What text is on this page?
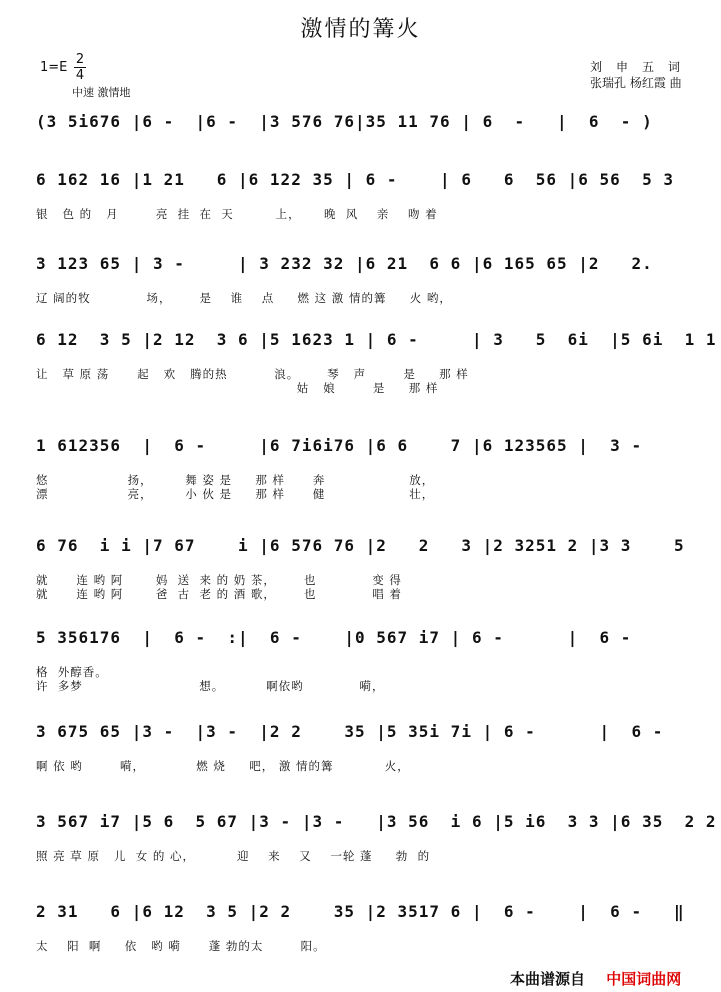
激情的篝火
1=E
2
4
中速 激情地
刘申五词
张瑞孔 杨红霞 曲
(3 5i676 |6 -  |6 -  |3 576 76|35 11 76 | 6  -   |  6  - )
6 162 16 |1 21   6 |6 122 35 | 6 -    | 6   6  56 |6 56  5 3
银   色 的   月        亮  挂  在  天         上，     晚  风    亲    吻 着
3 123 65 | 3 -     | 3 232 32 |6 21  6 6 |6 165 65 |2   2.
辽 阔的牧            场，      是    谁    点     燃 这 激 情的篝     火 哟，
6 12  3 5 |2 12  3 6 |5 1623 1 | 6 -     | 3   5  6i  |5 6i  1 1
让   草 原 荡      起   欢   腾的热          浪。      琴   声        是     那 样
姑   娘        是     那 样
1 612356  |  6 -     |6 7i6i76 |6 6    7 |6 123565 |  3 -
悠                 扬，       舞 姿 是     那 样      奔                  放，
漂                 亮，       小 伙 是     那 样      健                  壮，
6 76  i i |7 67    i |6 576 76 |2   2   3 |2 3251 2 |3 3    5
就      连 哟 阿       妈  送  来 的 奶 茶，      也            变 得
就      连 哟 阿       爸  古  老 的 酒 歌，      也            唱 着
5 356176  |  6 -  :|  6 -    |0 567 i7 | 6 -      |  6 -
格  外醇香。
许  多梦                         想。         啊依哟            嗬，
3 675 65 |3 -  |3 -  |2 2    35 |5 35i 7i | 6 -      |  6 -
啊 依 哟        嗬，           燃 烧     吧， 激 情的篝           火，
3 567 i7 |5 6  5 67 |3 - |3 -   |3 56  i 6 |5 i6  3 3 |6 35  2 2
照 亮 草 原   儿  女 的 心，         迎    来    又    一轮 蓬     勃  的
2 31   6 |6 12  3 5 |2 2    35 |2 3517 6 |  6 -    |  6 -   ‖
太    阳  啊     依   哟 嗬      蓬 勃的太        阳。
本曲谱源自 中国词曲网
